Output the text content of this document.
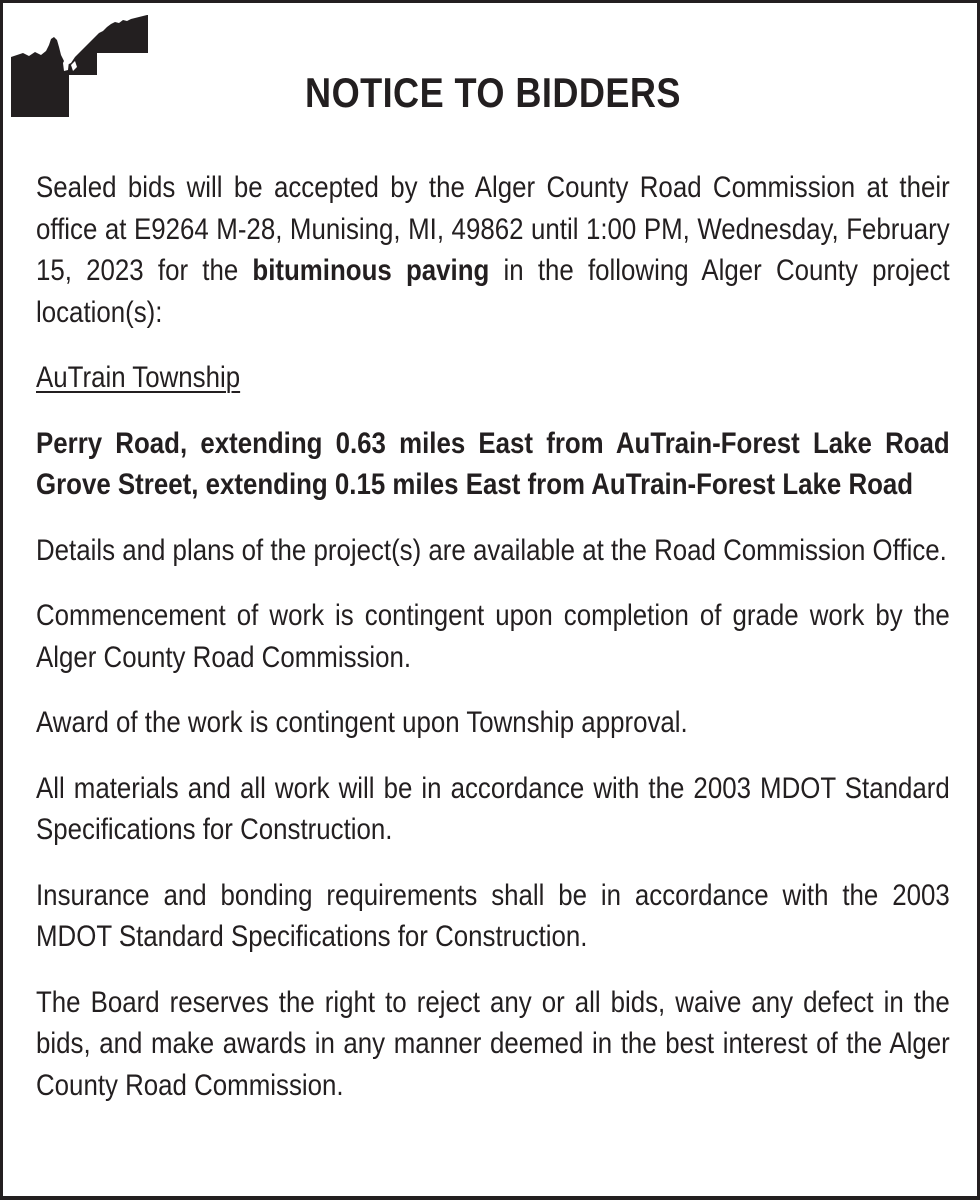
NOTICE TO BIDDERS

Sealed bids will be accepted by the Alger County Road Commission at their office at E9264 M-28, Munising, MI, 49862 until 1:00 PM, Wednesday, February 15, 2023 for the bituminous paving in the following Alger County project location(s):

AuTrain Township

Perry Road, extending 0.63 miles East from AuTrain-Forest Lake Road
Grove Street, extending 0.15 miles East from AuTrain-Forest Lake Road

Details and plans of the project(s) are available at the Road Commission Office.

Commencement of work is contingent upon completion of grade work by the Alger County Road Commission.

Award of the work is contingent upon Township approval.

All materials and all work will be in accordance with the 2003 MDOT Standard Specifications for Construction.

Insurance and bonding requirements shall be in accordance with the 2003 MDOT Standard Specifications for Construction.

The Board reserves the right to reject any or all bids, waive any defect in the bids, and make awards in any manner deemed in the best interest of the Alger County Road Commission.
